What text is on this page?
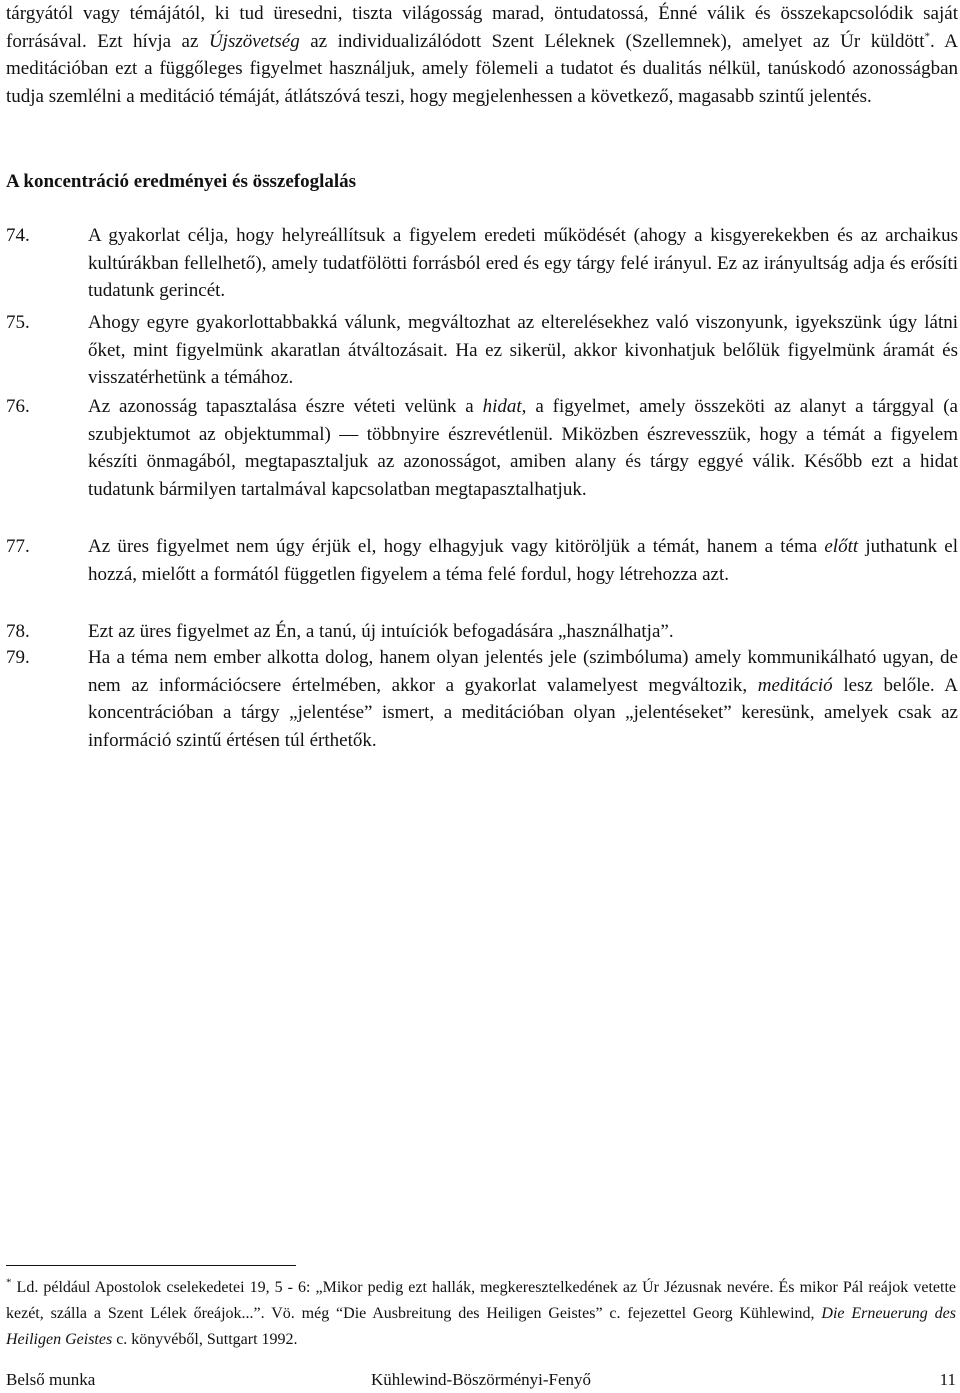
tárgyától vagy témájától, ki tud üresedni, tiszta világosság marad, öntudatossá, Énné válik és összekapcsolódik saját forrásával. Ezt hívja az Újszövetség az individualizálódott Szent Léleknek (Szellemnek), amelyet az Úr küldött*. A meditációban ezt a függőleges figyelmet használjuk, amely fölemeli a tudatot és dualitás nélkül, tanúskodó azonosságban tudja szemlélni a meditáció témáját, átlátszóvá teszi, hogy megjelenhessen a következő, magasabb szintű jelentés.
A koncentráció eredményei és összefoglalás
74.	A gyakorlat célja, hogy helyreállítsuk a figyelem eredeti működését (ahogy a kisgyerekekben és az archaikus kultúrákban fellelhető), amely tudatfölötti forrásból ered és egy tárgy felé irányul. Ez az irányultság adja és erősíti tudatunk gerincét.
75.	Ahogy egyre gyakorlottabbakká válunk, megváltozhat az elterelésekhez való viszonyunk, igyekszünk úgy látni őket, mint figyelmünk akaratlan átváltozásait. Ha ez sikerül, akkor kivonhatjuk belőlük figyelmünk áramát és visszatérhetünk a témához.
76.	Az azonosság tapasztalása észre véteti velünk a hidat, a figyelmet, amely összeköti az alanyt a tárggyal (a szubjektumot az objektummal) ― többnyire észrevétlenül. Miközben észrevesszük, hogy a témát a figyelem készíti önmagából, megtapasztaljuk az azonosságot, amiben alany és tárgy eggyé válik. Később ezt a hidat tudatunk bármilyen tartalmával kapcsolatban megtapasztalhatjuk.
77.	Az üres figyelmet nem úgy érjük el, hogy elhagyjuk vagy kitöröljük a témát, hanem a téma előtt juthatunk el hozzá, mielőtt a formától független figyelem a téma felé fordul, hogy létrehozza azt.
78.	Ezt az üres figyelmet az Én, a tanú, új intuíciók befogadására „használhatja”.
79.	Ha a téma nem ember alkotta dolog, hanem olyan jelentés jele (szimbóluma) amely kommunikálható ugyan, de nem az információcsere értelmében, akkor a gyakorlat valamelyest megváltozik, meditáció lesz belőle. A koncentrációban a tárgy „jelentése” ismert, a meditációban olyan „jelentéseket” keresünk, amelyek csak az információ szintű értésen túl érthetők.
* Ld. például Apostolok cselekedetei 19, 5 - 6: „Mikor pedig ezt hallák, megkeresztelkedének az Úr Jézusnak nevére. És mikor Pál reájok vetette kezét, szálla a Szent Lélek őreájok...”. Vö. még “Die Ausbreitung des Heiligen Geistes” c. fejezettel Georg Kühlewind, Die Erneuerung des Heiligen Geistes c. könyvéből, Suttgart 1992.
Belső munka	Kühlewind-Böszörményi-Fenyő	11
